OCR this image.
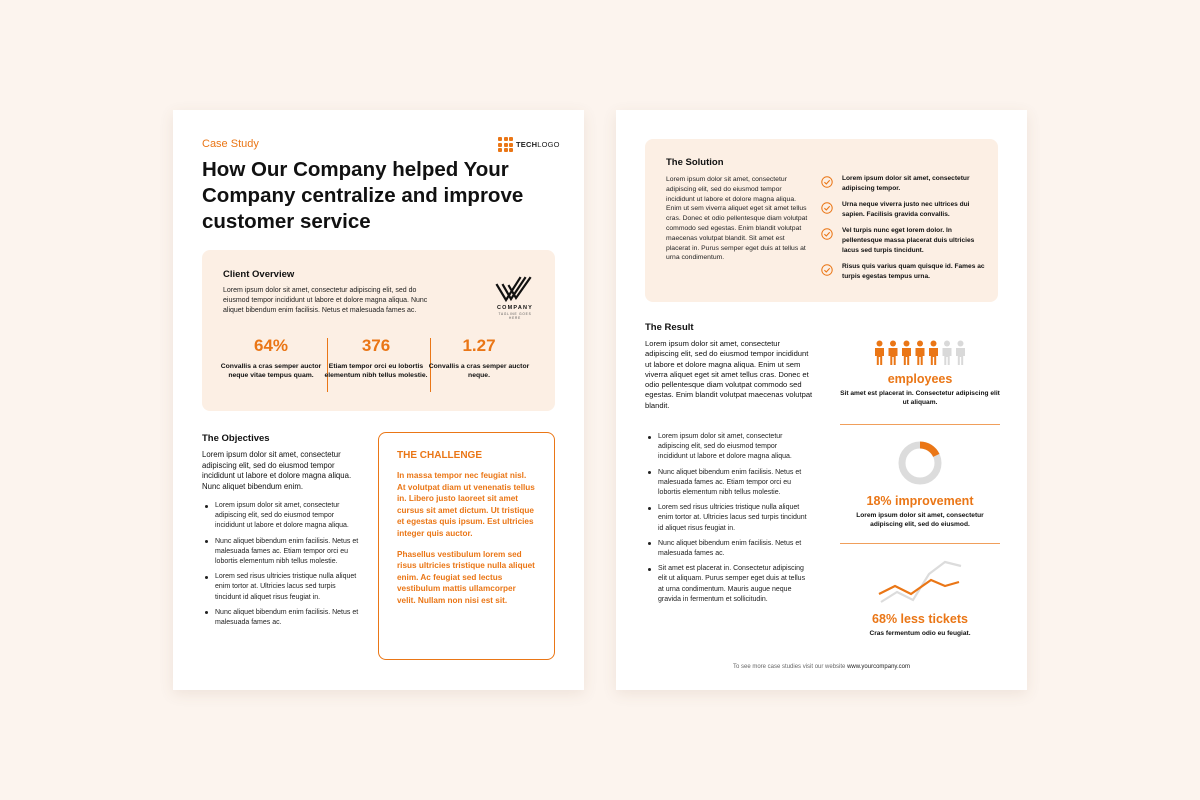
Case Study	TECHLOGO
How Our Company helped Your Company centralize and improve customer service
Client Overview
Lorem ipsum dolor sit amet, consectetur adipiscing elit, sed do eiusmod tempor incididunt ut labore et dolore magna aliqua. Nunc aliquet bibendum enim facilisis. Netus et malesuada fames ac.	COMPANY
TAGLINE GOES HERE
64%
Convallis a cras semper auctor neque vitae tempus quam.
376
Etiam tempor orci eu lobortis elementum nibh tellus molestie.
1.27
Convallis a cras semper auctor neque.
The Objectives
Lorem ipsum dolor sit amet, consectetur adipiscing elit, sed do eiusmod tempor incididunt ut labore et dolore magna aliqua. Nunc aliquet bibendum enim.
Lorem ipsum dolor sit amet, consectetur adipiscing elit, sed do eiusmod tempor incididunt ut labore et dolore magna aliqua.
Nunc aliquet bibendum enim facilisis. Netus et malesuada fames ac. Etiam tempor orci eu lobortis elementum nibh tellus molestie.
Lorem sed risus ultricies tristique nulla aliquet enim tortor at. Ultricies lacus sed turpis tincidunt id aliquet risus feugiat in.
Nunc aliquet bibendum enim facilisis. Netus et malesuada fames ac.
THE CHALLENGE

In massa tempor nec feugiat nisl. At volutpat diam ut venenatis tellus in. Libero justo laoreet sit amet cursus sit amet dictum. Ut tristique et egestas quis ipsum. Est ultricies integer quis auctor.

Phasellus vestibulum lorem sed risus ultricies tristique nulla aliquet enim. Ac feugiat sed lectus vestibulum mattis ullamcorper velit. Nullam non nisi est sit.

The Solution
Lorem ipsum dolor sit amet, consectetur adipiscing elit, sed do eiusmod tempor incididunt ut labore et dolore magna aliqua. Enim ut sem viverra aliquet eget sit amet tellus cras. Donec et odio pellentesque diam volutpat commodo sed egestas. Enim blandit volutpat maecenas volutpat blandit. Sit amet est placerat in. Purus semper eget duis at tellus at urna condimentum.
Lorem ipsum dolor sit amet, consectetur adipiscing tempor.
Urna neque viverra justo nec ultrices dui sapien. Facilisis gravida convallis.
Vel turpis nunc eget lorem dolor. In pellentesque massa placerat duis ultricies lacus sed turpis tincidunt.
Risus quis varius quam quisque id. Fames ac turpis egestas tempus urna.
The Result
Lorem ipsum dolor sit amet, consectetur adipiscing elit, sed do eiusmod tempor incididunt ut labore et dolore magna aliqua. Enim ut sem viverra aliquet eget sit amet tellus cras. Donec et odio pellentesque diam volutpat commodo sed egestas. Enim blandit volutpat maecenas volutpat blandit.
Lorem ipsum dolor sit amet, consectetur adipiscing elit, sed do eiusmod tempor incididunt ut labore et dolore magna aliqua.
Nunc aliquet bibendum enim facilisis. Netus et malesuada fames ac. Etiam tempor orci eu lobortis elementum nibh tellus molestie.
Lorem sed risus ultricies tristique nulla aliquet enim tortor at. Ultricies lacus sed turpis tincidunt id aliquet risus feugiat in.
Nunc aliquet bibendum enim facilisis. Netus et malesuada fames ac.
Sit amet est placerat in. Consectetur adipiscing elit ut aliquam. Purus semper eget duis at tellus at urna condimentum. Mauris augue neque gravida in fermentum et sollicitudin.
employees
Sit amet est placerat in. Consectetur adipiscing elit ut aliquam.
18% improvement
Lorem ipsum dolor sit amet, consectetur adipiscing elit, sed do eiusmod.
68% less tickets
Cras fermentum odio eu feugiat.
To see more case studies visit our website www.yourcompany.com
